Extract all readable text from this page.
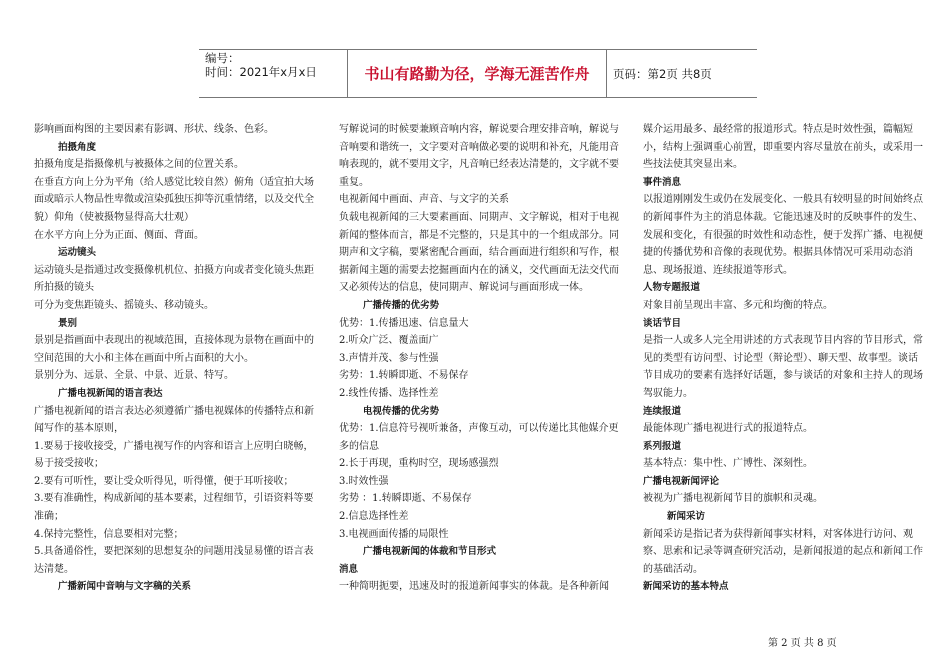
编号：
时间：2021年x月x日	书山有路勤为径，学海无涯苦作舟	页码：第2页 共8页
影响画面构图的主要因素有影调、形状、线条、色彩。
拍摄角度
拍摄角度是指摄像机与被摄体之间的位置关系。
在垂直方向上分为平角（给人感觉比较自然）俯角（适宜拍大场面或暗示人物品性卑微或渲染孤独压抑等沉重情绪，以及交代全貌）仰角（使被摄物显得高大壮观）
在水平方向上分为正面、侧面、背面。
运动镜头
运动镜头是指通过改变摄像机机位、拍摄方向或者变化镜头焦距所拍摄的镜头
可分为变焦距镜头、摇镜头、移动镜头。
景别
景别是指画面中表现出的视域范围，直接体现为景物在画面中的空间范围的大小和主体在画面中所占面积的大小。
景别分为、远景、全景、中景、近景、特写。
广播电视新闻的语言表达
广播电视新闻的语言表达必须遵循广播电视媒体的传播特点和新闻写作的基本原则，
1.要易于接收接受，广播电视写作的内容和语言上应明白晓畅，易于接受接收；
2.要有可听性，要让受众听得见，听得懂，便于耳听接收；
3.要有准确性，构成新闻的基本要素，过程细节，引语资料等要准确；
4.保持完整性，信息要相对完整；
5.具备通俗性，要把深刻的思想复杂的问题用浅显易懂的语言表达清楚。
广播新闻中音响与文字稿的关系
写解说词的时候要兼顾音响内容，解说要合理安排音响，解说与音响要和谐统一，文字要对音响做必要的说明和补充，凡能用音响表现的，就不要用文字，凡音响已经表达清楚的，文字就不要重复。
电视新闻中画面、声音、与文字的关系
负载电视新闻的三大要素画面、同期声、文字解说，相对于电视新闻的整体而言，都是不完整的，只是其中的一个组成部分。同期声和文字稿，要紧密配合画面，结合画面进行组织和写作，根据新闻主题的需要去挖掘画面内在的涵义，交代画面无法交代而又必须传达的信息，使同期声、解说词与画面形成一体。
广播传播的优劣势
优势：1.传播迅速、信息量大
2.听众广泛、覆盖面广
3.声情并茂、参与性强
劣势：1.转瞬即逝、不易保存
2.线性传播、选择性差
电视传播的优劣势
优势：1.信息符号视听兼备，声像互动，可以传递比其他媒介更多的信息
2.长于再现，重构时空，现场感强烈
3.时效性强
劣势 ：1.转瞬即逝、不易保存
2.信息选择性差
3.电视画面传播的局限性
广播电视新闻的体裁和节目形式
消息
一种简明扼要，迅速及时的报道新闻事实的体裁。是各种新闻
媒介运用最多、最经常的报道形式。特点是时效性强，篇幅短小，结构上强调重心前置，即重要内容尽量放在前头，或采用一些技法使其突显出来。
事件消息
以报道刚刚发生或仍在发展变化、一般具有较明显的时间始终点的新闻事件为主的消息体裁。它能迅速及时的反映事件的发生、发展和变化，有很强的时效性和动态性，便于发挥广播、电视便捷的传播优势和音像的表现优势。根据具体情况可采用动态消息、现场报道、连续报道等形式。
人物专题报道
对象目前呈现出丰富、多元和均衡的特点。
谈话节目
是指一人或多人完全用讲述的方式表现节目内容的节目形式，常见的类型有访问型、讨论型（辩论型）、聊天型、故事型。谈话节目成功的要素有选择好话题，参与谈话的对象和主持人的现场驾驭能力。
连续报道
最能体现广播电视进行式的报道特点。
系列报道
基本特点：集中性、广博性、深刻性。
广播电视新闻评论
被视为广播电视新闻节目的旗帜和灵魂。
新闻采访
新闻采访是指记者为获得新闻事实材料，对客体进行访问、观察、思索和记录等调查研究活动，是新闻报道的起点和新闻工作的基础活动。
新闻采访的基本特点
第 2 页 共 8 页
